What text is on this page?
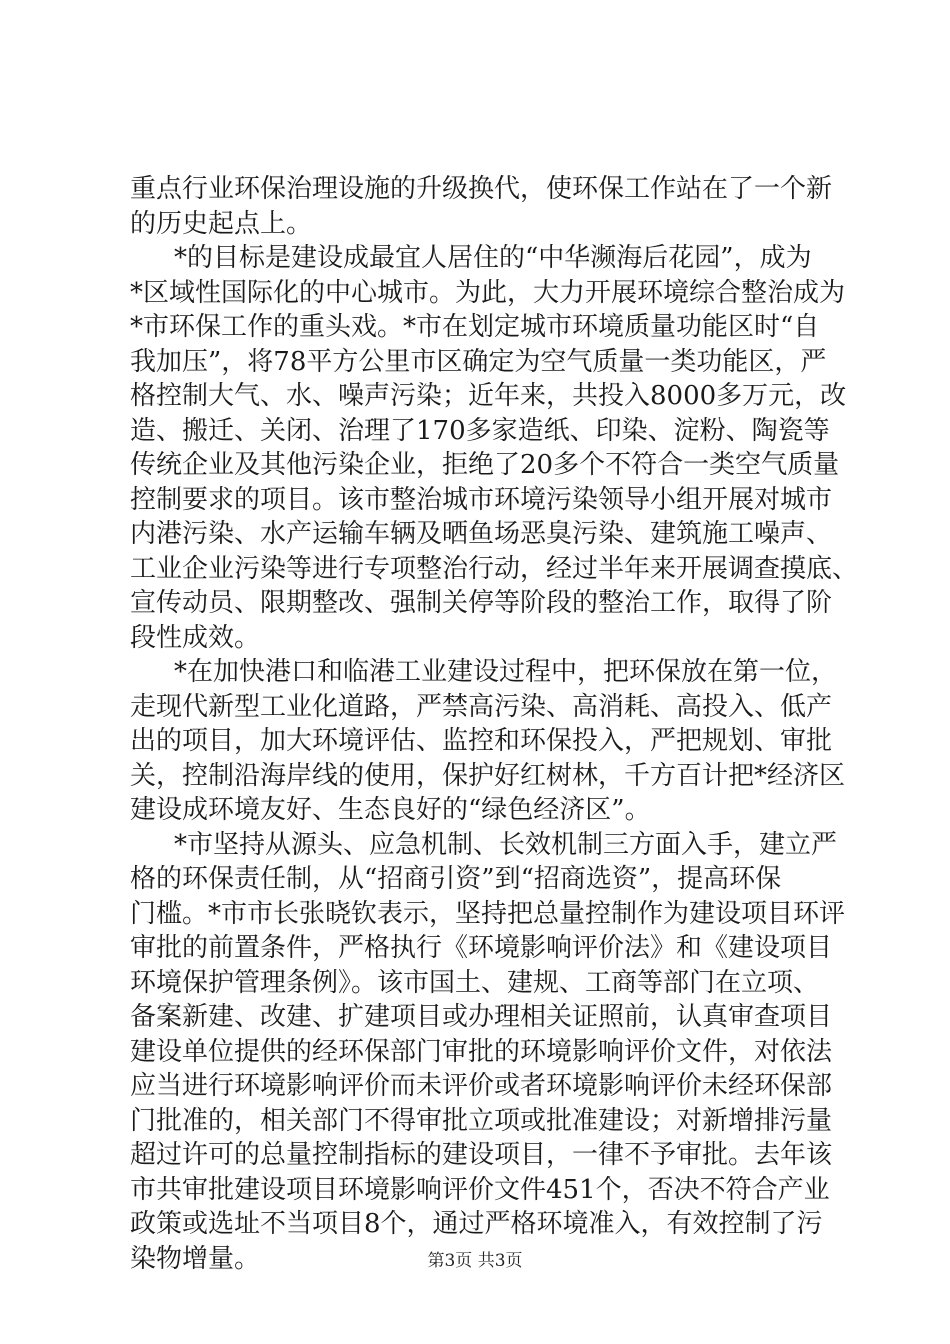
重点行业环保治理设施的升级换代，使环保工作站在了一个新
的历史起点上。
*的目标是建设成最宜人居住的“中华濒海后花园”，成为
*区域性国际化的中心城市。为此，大力开展环境综合整治成为
*市环保工作的重头戏。*市在划定城市环境质量功能区时“自
我加压”，将78平方公里市区确定为空气质量一类功能区，严
格控制大气、水、噪声污染；近年来，共投入8000多万元，改
造、搬迁、关闭、治理了170多家造纸、印染、淀粉、陶瓷等
传统企业及其他污染企业，拒绝了20多个不符合一类空气质量
控制要求的项目。该市整治城市环境污染领导小组开展对城市
内港污染、水产运输车辆及晒鱼场恶臭污染、建筑施工噪声、
工业企业污染等进行专项整治行动，经过半年来开展调查摸底、
宣传动员、限期整改、强制关停等阶段的整治工作，取得了阶
段性成效。
*在加快港口和临港工业建设过程中，把环保放在第一位，
走现代新型工业化道路，严禁高污染、高消耗、高投入、低产
出的项目，加大环境评估、监控和环保投入，严把规划、审批
关，控制沿海岸线的使用，保护好红树林，千方百计把*经济区
建设成环境友好、生态良好的“绿色经济区”。
*市坚持从源头、应急机制、长效机制三方面入手，建立严
格的环保责任制，从“招商引资”到“招商选资”，提高环保
门槛。*市市长张晓钦表示，坚持把总量控制作为建设项目环评
审批的前置条件，严格执行《环境影响评价法》和《建设项目
环境保护管理条例》。该市国土、建规、工商等部门在立项、
备案新建、改建、扩建项目或办理相关证照前，认真审查项目
建设单位提供的经环保部门审批的环境影响评价文件，对依法
应当进行环境影响评价而未评价或者环境影响评价未经环保部
门批准的，相关部门不得审批立项或批准建设；对新增排污量
超过许可的总量控制指标的建设项目，一律不予审批。去年该
市共审批建设项目环境影响评价文件451个，否决不符合产业
政策或选址不当项目8个，通过严格环境准入，有效控制了污
染物增量。	第3页 共3页
